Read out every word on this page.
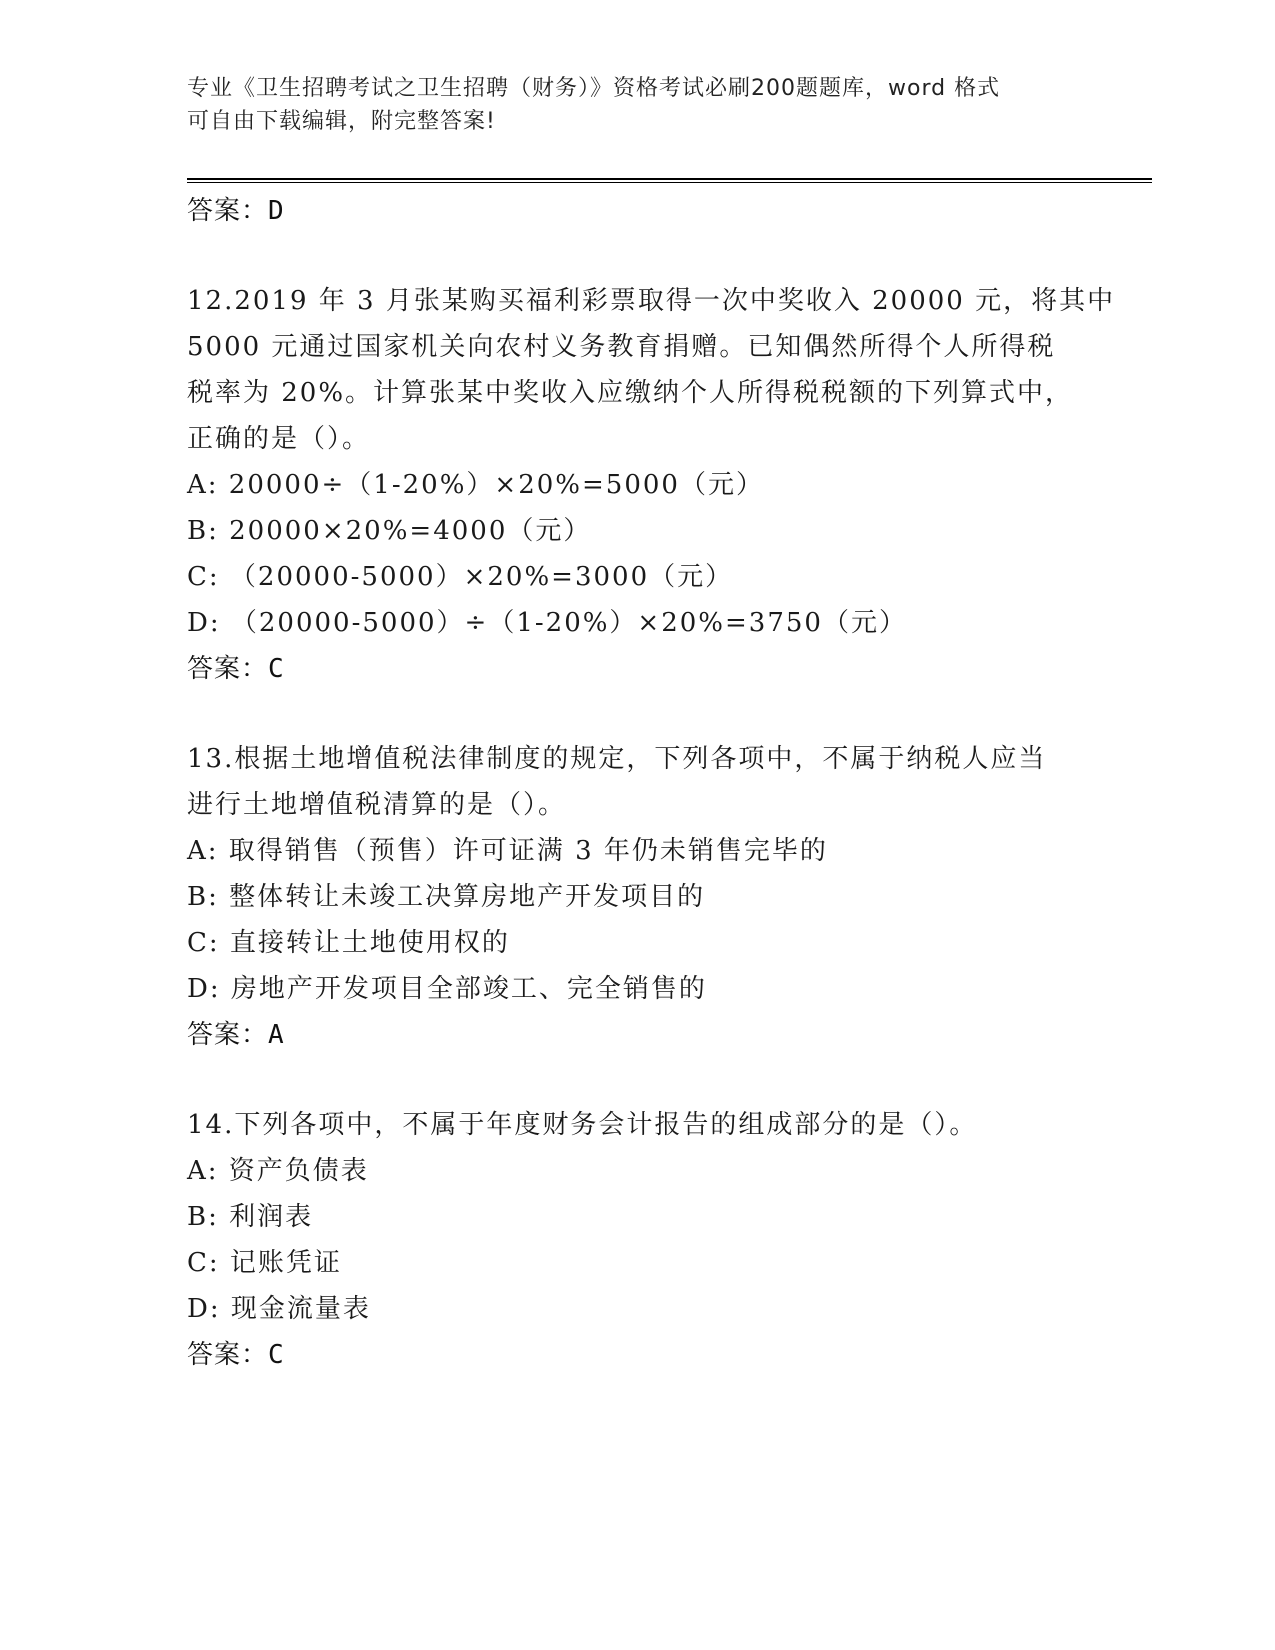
专业《卫生招聘考试之卫生招聘（财务）》资格考试必刷200题题库，word 格式
可自由下载编辑，附完整答案!
答案：D
12.2019 年 3 月张某购买福利彩票取得一次中奖收入 20000 元，将其中
5000 元通过国家机关向农村义务教育捐赠。已知偶然所得个人所得税
税率为 20%。计算张某中奖收入应缴纳个人所得税税额的下列算式中，
正确的是（）。
A: 20000÷（1-20%）×20%=5000（元）
B: 20000×20%=4000（元）
C: （20000-5000）×20%=3000（元）
D: （20000-5000）÷（1-20%）×20%=3750（元）
答案：C
13.根据土地增值税法律制度的规定，下列各项中，不属于纳税人应当
进行土地增值税清算的是（）。
A: 取得销售（预售）许可证满 3 年仍未销售完毕的
B: 整体转让未竣工决算房地产开发项目的
C: 直接转让土地使用权的
D: 房地产开发项目全部竣工、完全销售的
答案：A
14.下列各项中，不属于年度财务会计报告的组成部分的是（）。
A: 资产负债表
B: 利润表
C: 记账凭证
D: 现金流量表
答案：C
